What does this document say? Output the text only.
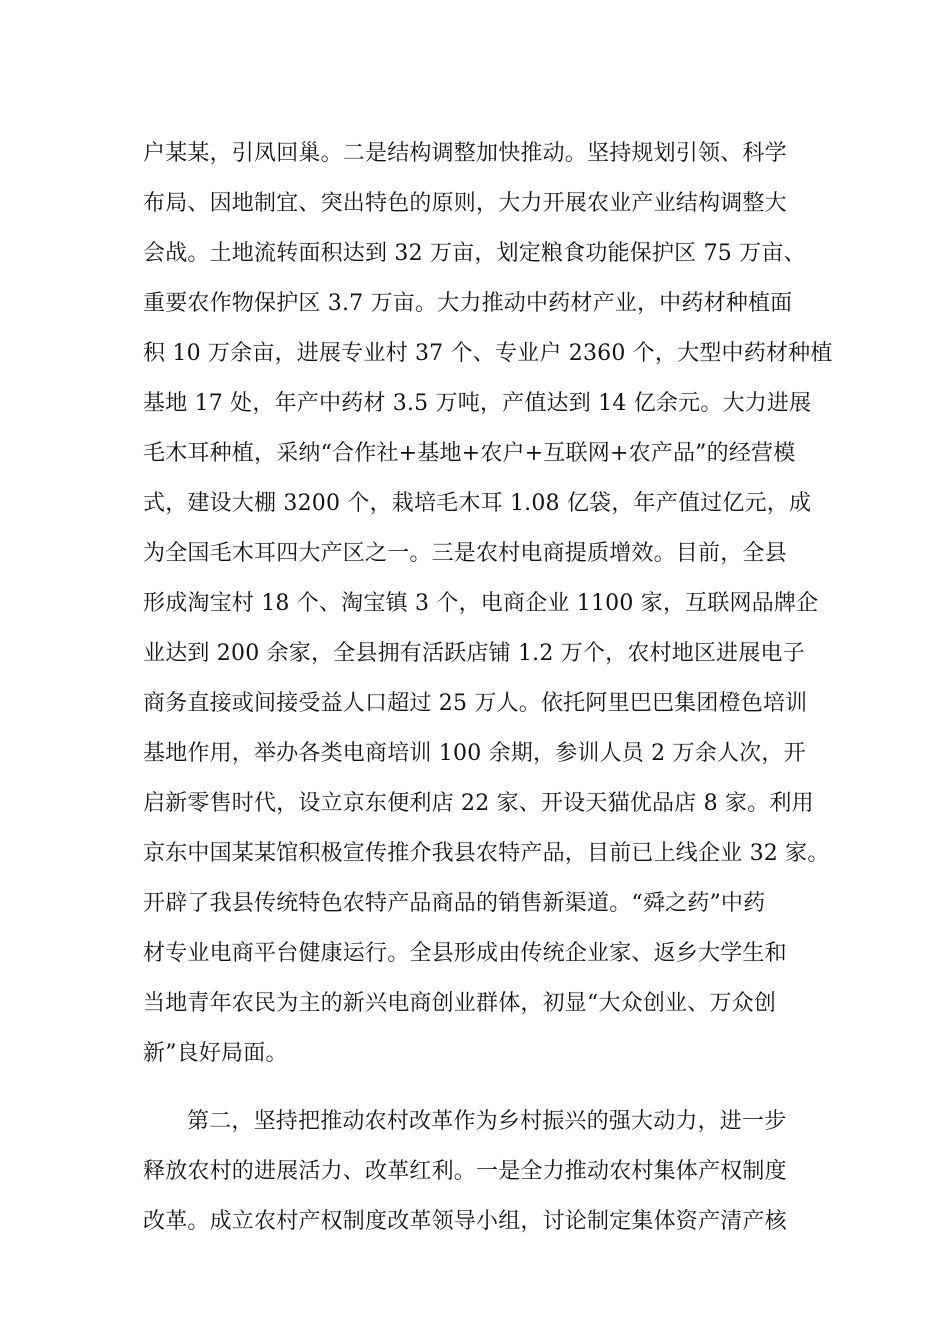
户某某，引凤回巢。二是结构调整加快推动。坚持规划引领、科学
布局、因地制宜、突出特色的原则，大力开展农业产业结构调整大
会战。土地流转面积达到 32 万亩，划定粮食功能保护区 75 万亩、
重要农作物保护区 3.7 万亩。大力推动中药材产业，中药材种植面
积 10 万余亩，进展专业村 37 个、专业户 2360 个，大型中药材种植
基地 17 处，年产中药材 3.5 万吨，产值达到 14 亿余元。大力进展
毛木耳种植，采纳“合作社+基地+农户+互联网+农产品”的经营模
式，建设大棚 3200 个，栽培毛木耳 1.08 亿袋，年产值过亿元，成
为全国毛木耳四大产区之一。三是农村电商提质增效。目前，全县
形成淘宝村 18 个、淘宝镇 3 个，电商企业 1100 家，互联网品牌企
业达到 200 余家，全县拥有活跃店铺 1.2 万个，农村地区进展电子
商务直接或间接受益人口超过 25 万人。依托阿里巴巴集团橙色培训
基地作用，举办各类电商培训 100 余期，参训人员 2 万余人次，开
启新零售时代，设立京东便利店 22 家、开设天猫优品店 8 家。利用
京东中国某某馆积极宣传推介我县农特产品，目前已上线企业 32 家。
开辟了我县传统特色农特产品商品的销售新渠道。“舜之药”中药
材专业电商平台健康运行。全县形成由传统企业家、返乡大学生和
当地青年农民为主的新兴电商创业群体，初显“大众创业、万众创
新”良好局面。
第二，坚持把推动农村改革作为乡村振兴的强大动力，进一步
释放农村的进展活力、改革红利。一是全力推动农村集体产权制度
改革。成立农村产权制度改革领导小组，讨论制定集体资产清产核
